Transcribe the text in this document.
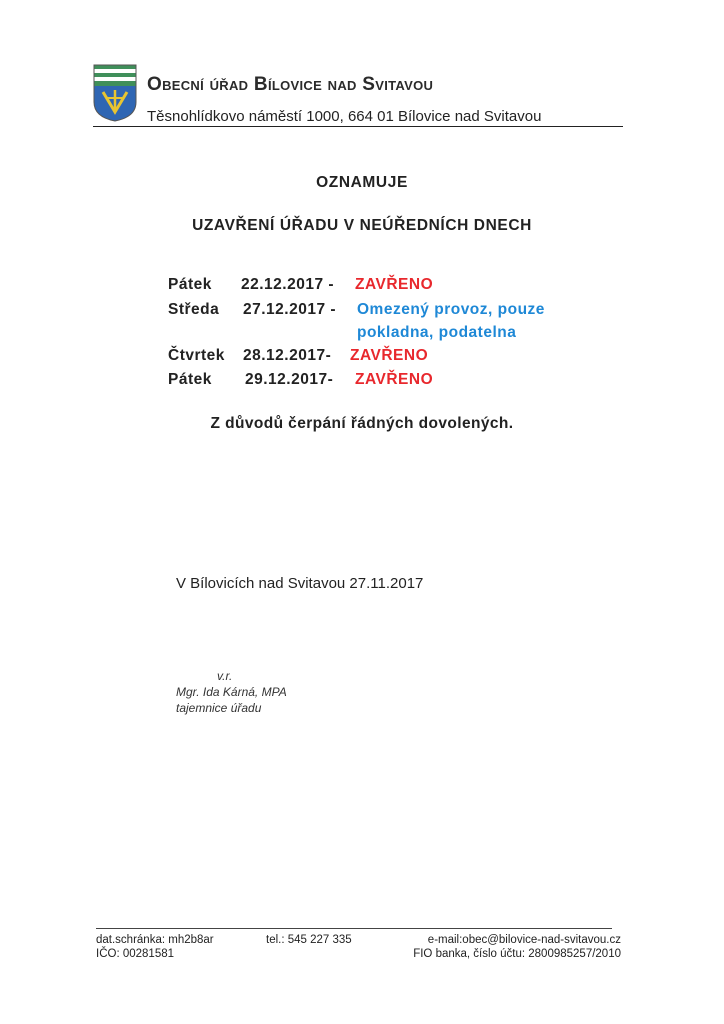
Obecní úřad Bílovice nad Svitavou
Těsnohlídkovo náměstí 1000, 664 01 Bílovice nad Svitavou
OZNAMUJE
UZAVŘENÍ ÚŘADU V NEÚŘEDNÍCH DNECH
Pátek 22.12.2017 - ZAVŘENO
Středa 27.12.2017 - Omezený provoz, pouze
pokladna, podatelna
Čtvrtek 28.12.2017- ZAVŘENO
Pátek 29.12.2017- ZAVŘENO
Z důvodů čerpání řádných dovolených.
V Bílovicích nad Svitavou 27.11.2017
v.r.
Mgr. Ida Kárná, MPA
tajemnice úřadu
dat.schránka: mh2b8ar
IČO: 00281581
tel.: 545 227 335	e-mail:obec@bilovice-nad-svitavou.cz
FIO banka, číslo účtu: 2800985257/2010
